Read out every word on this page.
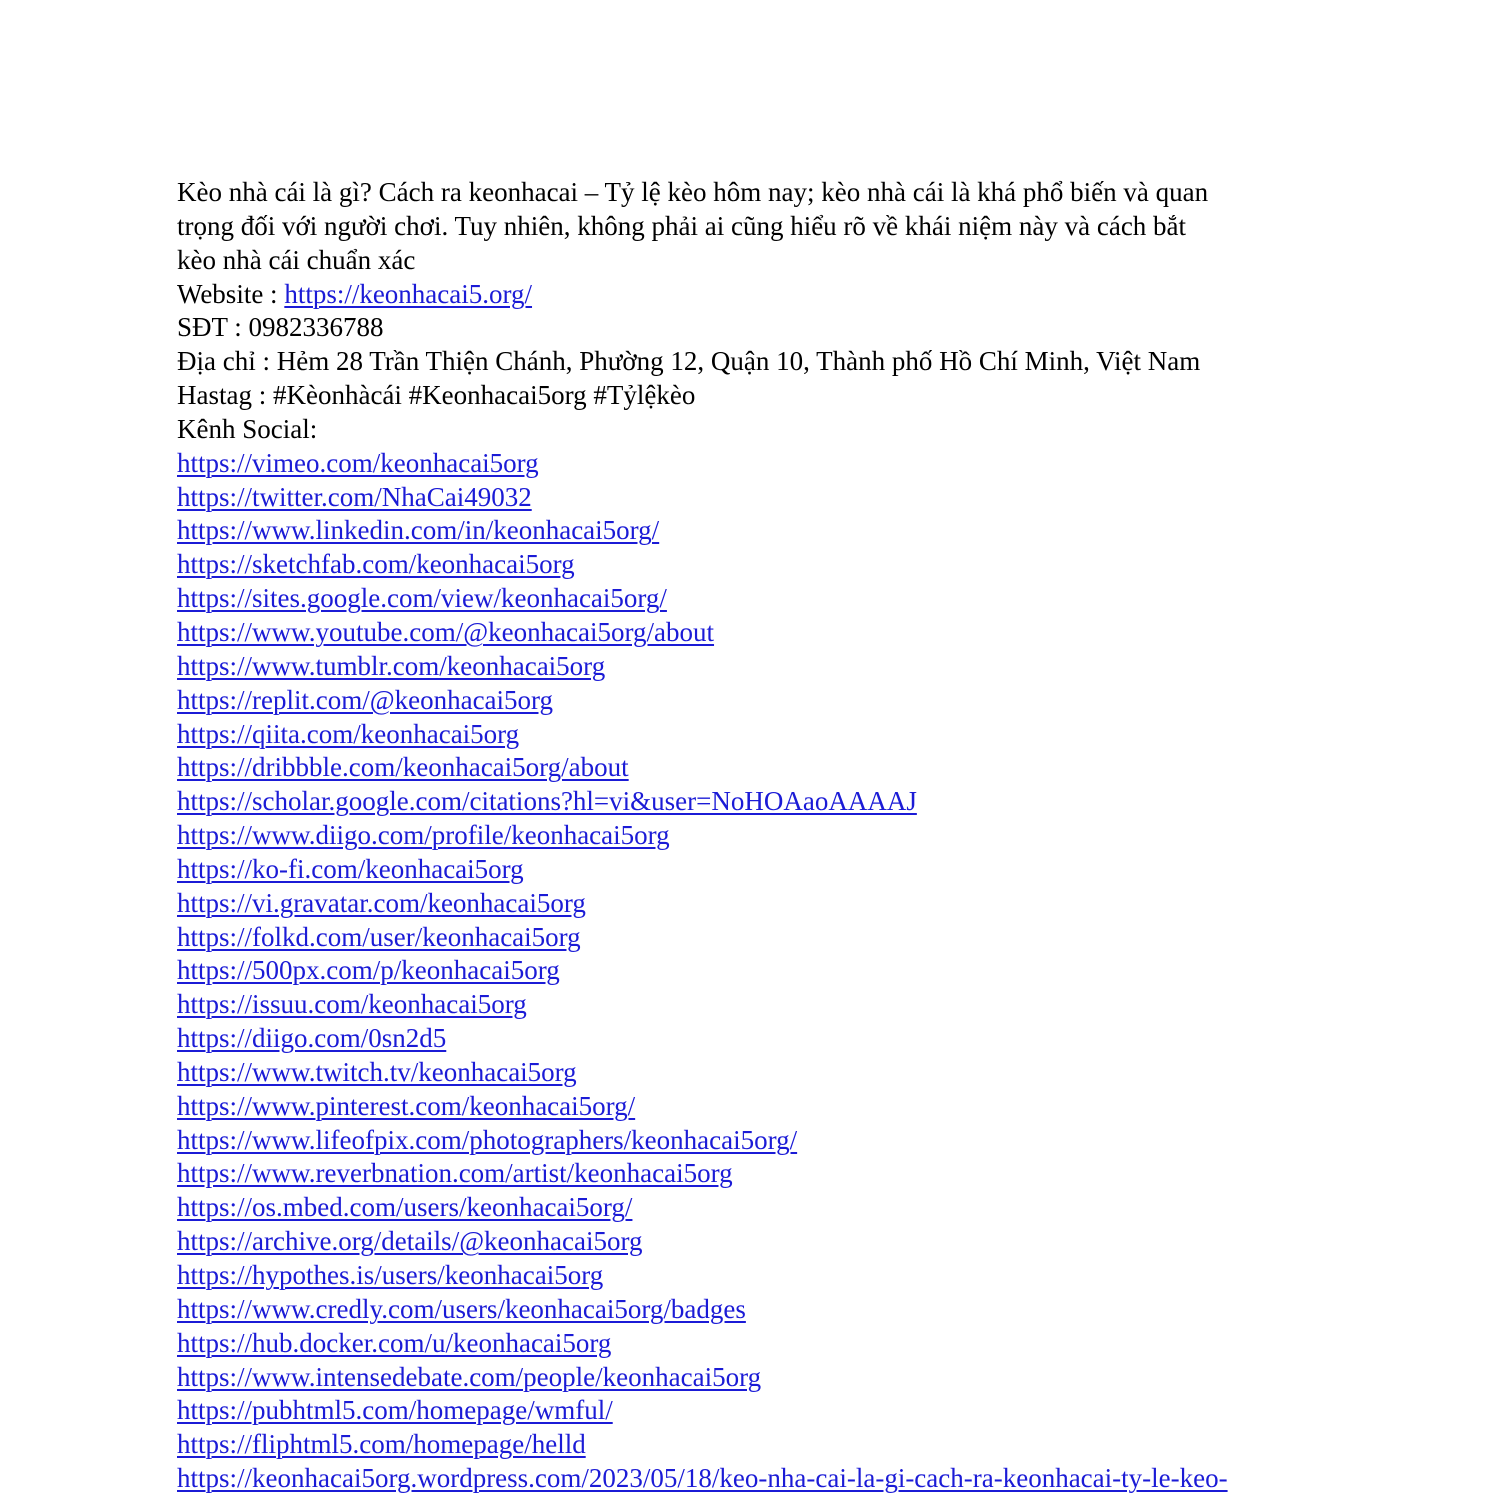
Kèo nhà cái là gì? Cách ra keonhacai – Tỷ lệ kèo hôm nay; kèo nhà cái là khá phổ biến và quan
trọng đối với người chơi. Tuy nhiên, không phải ai cũng hiểu rõ về khái niệm này và cách bắt
kèo nhà cái chuẩn xác
Website : https://keonhacai5.org/
SĐT : 0982336788
Địa chỉ : Hẻm 28 Trần Thiện Chánh, Phường 12, Quận 10, Thành phố Hồ Chí Minh, Việt Nam
Hastag : #Kèonhàcái #Keonhacai5org #Tỷlệkèo
Kênh Social:
https://vimeo.com/keonhacai5org
https://twitter.com/NhaCai49032
https://www.linkedin.com/in/keonhacai5org/
https://sketchfab.com/keonhacai5org
https://sites.google.com/view/keonhacai5org/
https://www.youtube.com/@keonhacai5org/about
https://www.tumblr.com/keonhacai5org
https://replit.com/@keonhacai5org
https://qiita.com/keonhacai5org
https://dribbble.com/keonhacai5org/about
https://scholar.google.com/citations?hl=vi&user=NoHOAaoAAAAJ
https://www.diigo.com/profile/keonhacai5org
https://ko-fi.com/keonhacai5org
https://vi.gravatar.com/keonhacai5org
https://folkd.com/user/keonhacai5org
https://500px.com/p/keonhacai5org
https://issuu.com/keonhacai5org
https://diigo.com/0sn2d5
https://www.twitch.tv/keonhacai5org
https://www.pinterest.com/keonhacai5org/
https://www.lifeofpix.com/photographers/keonhacai5org/
https://www.reverbnation.com/artist/keonhacai5org
https://os.mbed.com/users/keonhacai5org/
https://archive.org/details/@keonhacai5org
https://hypothes.is/users/keonhacai5org
https://www.credly.com/users/keonhacai5org/badges
https://hub.docker.com/u/keonhacai5org
https://www.intensedebate.com/people/keonhacai5org
https://pubhtml5.com/homepage/wmful/
https://fliphtml5.com/homepage/helld
https://keonhacai5org.wordpress.com/2023/05/18/keo-nha-cai-la-gi-cach-ra-keonhacai-ty-le-keo-
